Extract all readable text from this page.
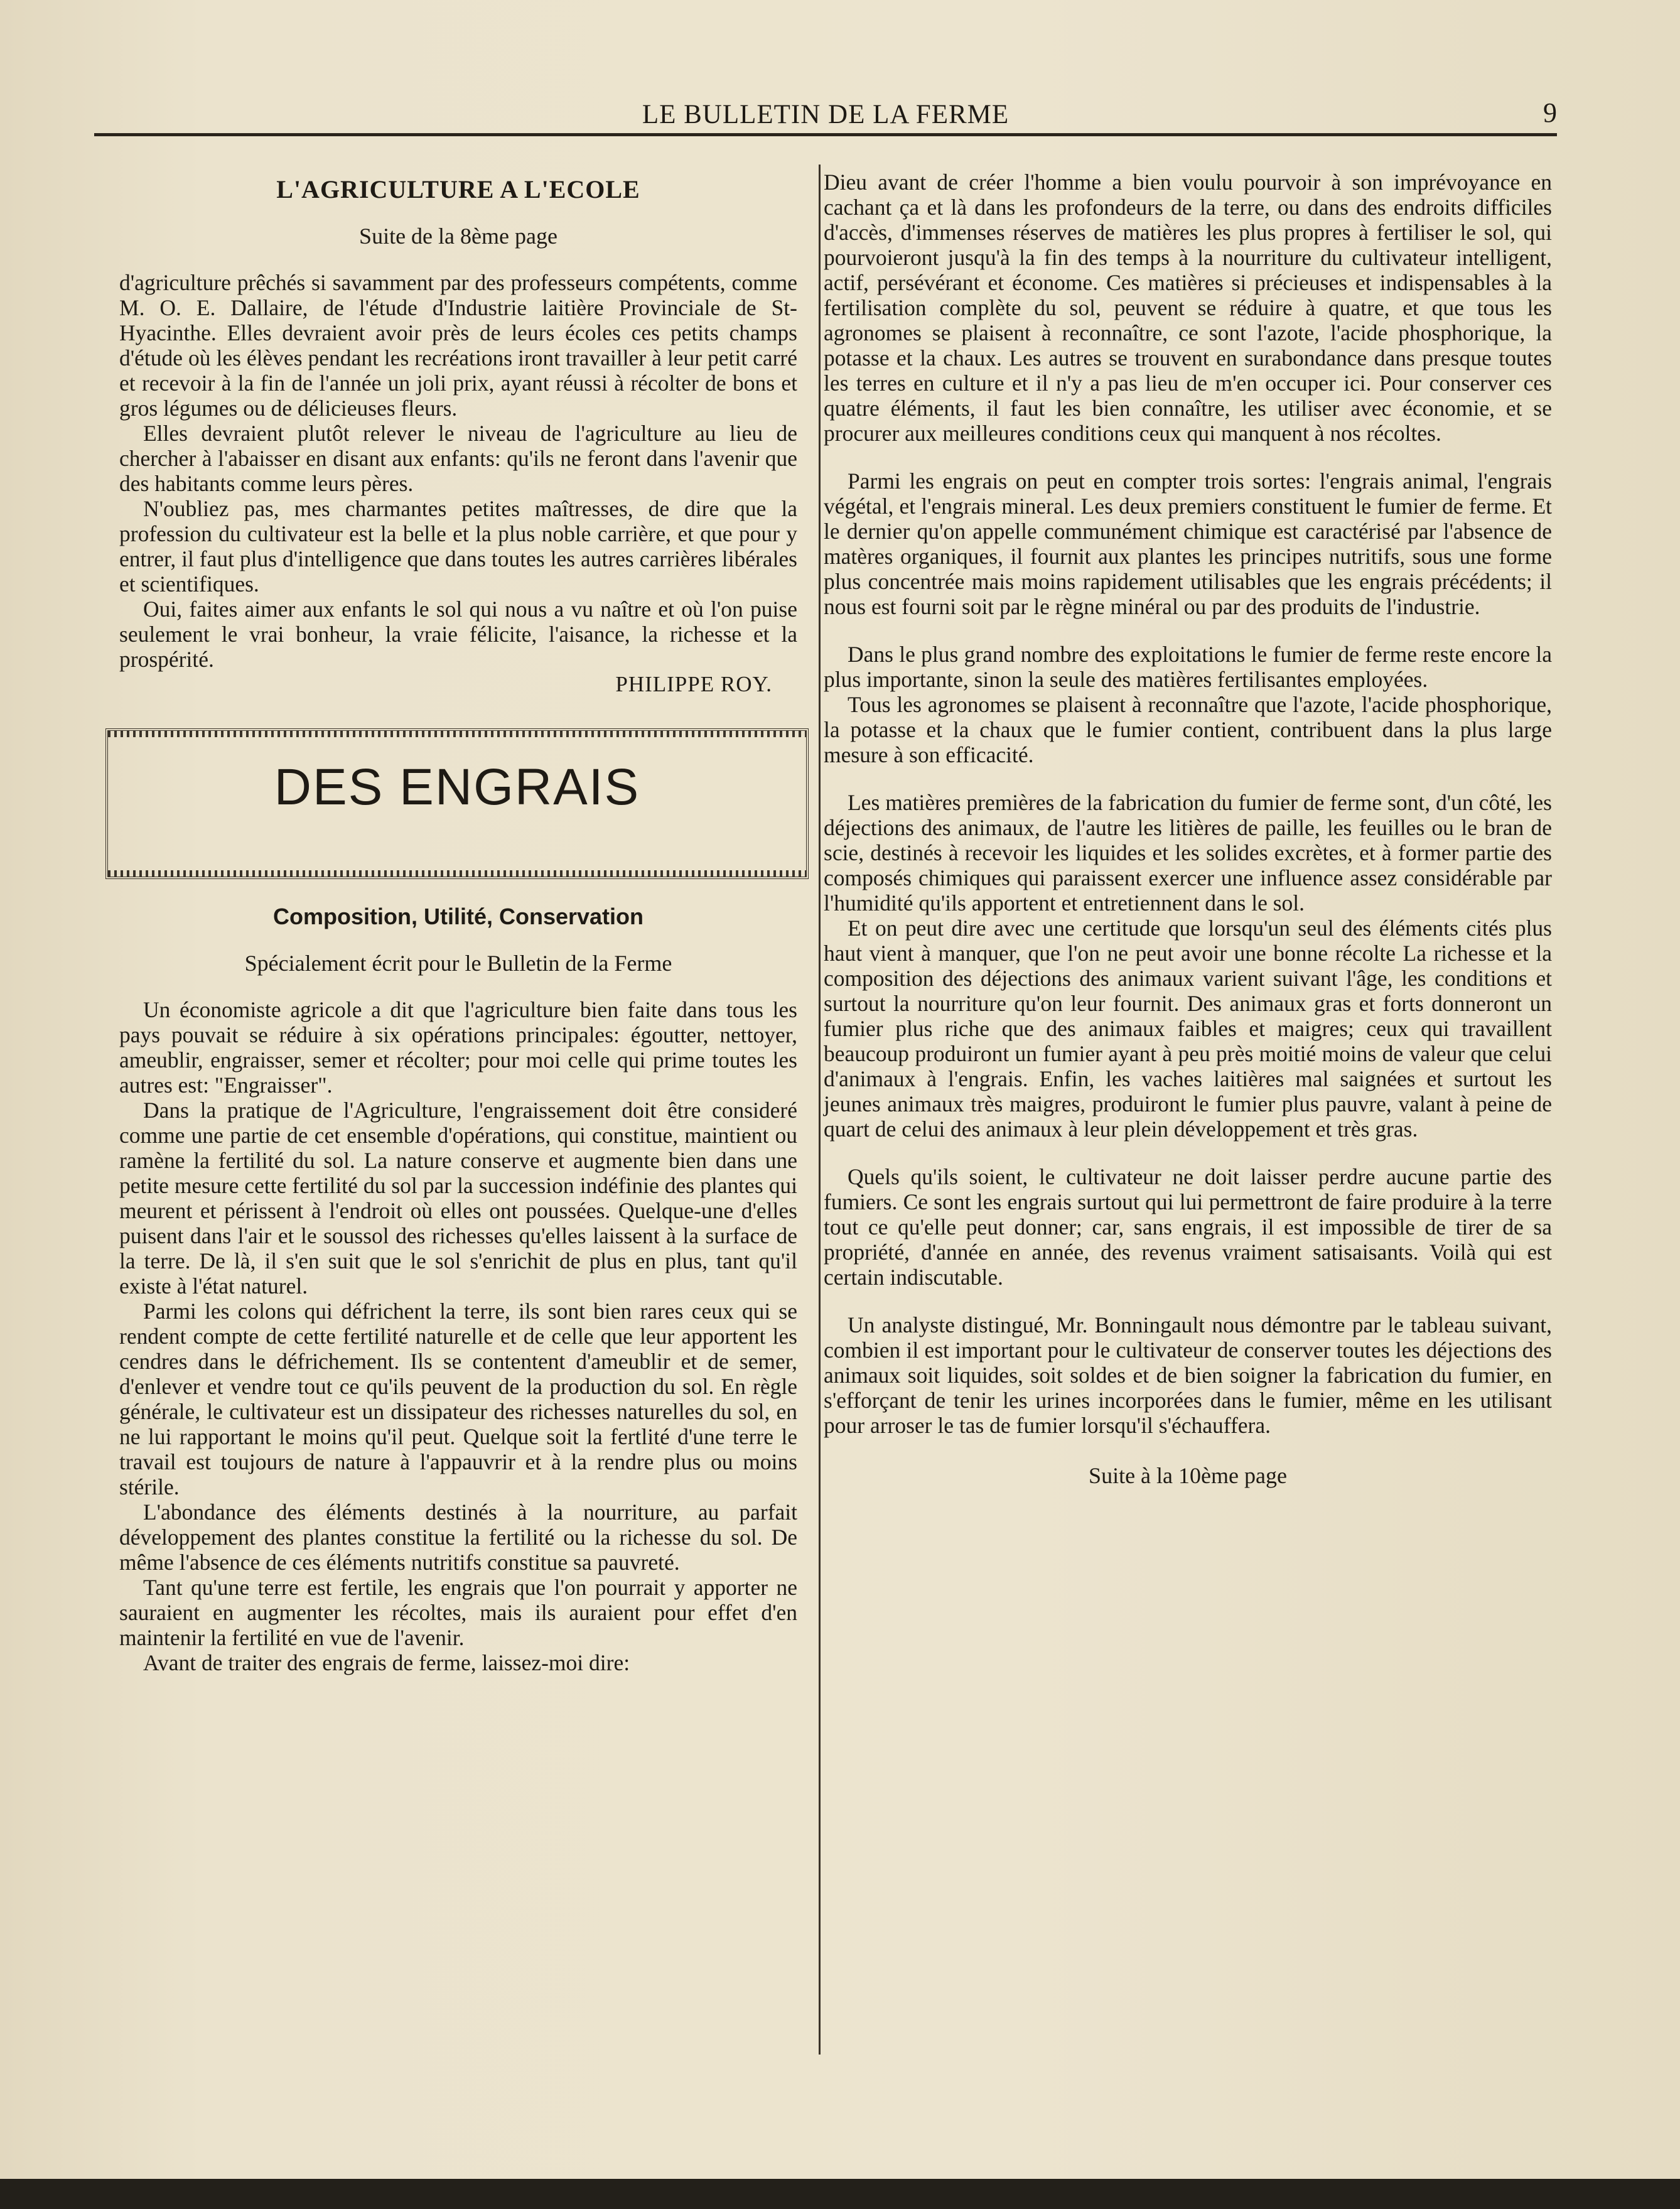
LE BULLETIN DE LA FERME	9
L'AGRICULTURE A L'ECOLE
Suite de la 8ème page

d'agriculture prêchés si savamment par des professeurs compétents, comme M. O. E. Dallaire, de l'étude d'Industrie laitière Provinciale de St-Hyacinthe. Elles devraient avoir près de leurs écoles ces petits champs d'étude où les élèves pendant les recréations iront travailler à leur petit carré et recevoir à la fin de l'année un joli prix, ayant réussi à récolter de bons et gros légumes ou de délicieuses fleurs.

Elles devraient plutôt relever le niveau de l'agriculture au lieu de chercher à l'abaisser en disant aux enfants: qu'ils ne feront dans l'avenir que des habitants comme leurs pères.

N'oubliez pas, mes charmantes petites maîtresses, de dire que la profession du cultivateur est la belle et la plus noble carrière, et que pour y entrer, il faut plus d'intelligence que dans toutes les autres carrières libérales et scientifiques.

Oui, faites aimer aux enfants le sol qui nous a vu naître et où l'on puise seulement le vrai bonheur, la vraie félicite, l'aisance, la richesse et la prospérité.

PHILIPPE ROY.
DES ENGRAIS
Composition, Utilité, Conservation
Spécialement écrit pour le Bulletin de la Ferme

Un économiste agricole a dit que l'agriculture bien faite dans tous les pays pouvait se réduire à six opérations principales: égoutter, nettoyer, ameublir, engraisser, semer et récolter; pour moi celle qui prime toutes les autres est: "Engraisser".

Dans la pratique de l'Agriculture, l'engraissement doit être consideré comme une partie de cet ensemble d'opérations, qui constitue, maintient ou ramène la fertilité du sol. La nature conserve et augmente bien dans une petite mesure cette fertilité du sol par la succession indéfinie des plantes qui meurent et périssent à l'endroit où elles ont poussées. Quelque-une d'elles puisent dans l'air et le soussol des richesses qu'elles laissent à la surface de la terre. De là, il s'en suit que le sol s'enrichit de plus en plus, tant qu'il existe à l'état naturel.

Parmi les colons qui défrichent la terre, ils sont bien rares ceux qui se rendent compte de cette fertilité naturelle et de celle que leur apportent les cendres dans le défrichement. Ils se contentent d'ameublir et de semer, d'enlever et vendre tout ce qu'ils peuvent de la production du sol. En règle générale, le cultivateur est un dissipateur des richesses naturelles du sol, en ne lui rapportant le moins qu'il peut. Quelque soit la fertlité d'une terre le travail est toujours de nature à l'appauvrir et à la rendre plus ou moins stérile.

L'abondance des éléments destinés à la nourriture, au parfait développement des plantes constitue la fertilité ou la richesse du sol. De même l'absence de ces éléments nutritifs constitue sa pauvreté.

Tant qu'une terre est fertile, les engrais que l'on pourrait y apporter ne sauraient en augmenter les récoltes, mais ils auraient pour effet d'en maintenir la fertilité en vue de l'avenir.

Avant de traiter des engrais de ferme, laissez-moi dire:

Dieu avant de créer l'homme a bien voulu pourvoir à son imprévoyance en cachant ça et là dans les profondeurs de la terre, ou dans des endroits difficiles d'accès, d'immenses réserves de matières les plus propres à fertiliser le sol, qui pourvoieront jusqu'à la fin des temps à la nourriture du cultivateur intelligent, actif, persévérant et économe. Ces matières si précieuses et indispensables à la fertilisation complète du sol, peuvent se réduire à quatre, et que tous les agronomes se plaisent à reconnaître, ce sont l'azote, l'acide phosphorique, la potasse et la chaux. Les autres se trouvent en surabondance dans presque toutes les terres en culture et il n'y a pas lieu de m'en occuper ici. Pour conserver ces quatre éléments, il faut les bien connaître, les utiliser avec économie, et se procurer aux meilleures conditions ceux qui manquent à nos récoltes.

Parmi les engrais on peut en compter trois sortes: l'engrais animal, l'engrais végétal, et l'engrais mineral. Les deux premiers constituent le fumier de ferme. Et le dernier qu'on appelle communément chimique est caractérisé par l'absence de matères organiques, il fournit aux plantes les principes nutritifs, sous une forme plus concentrée mais moins rapidement utilisables que les engrais précédents; il nous est fourni soit par le règne minéral ou par des produits de l'industrie.

Dans le plus grand nombre des exploitations le fumier de ferme reste encore la plus importante, sinon la seule des matières fertilisantes employées.

Tous les agronomes se plaisent à reconnaître que l'azote, l'acide phosphorique, la potasse et la chaux que le fumier contient, contribuent dans la plus large mesure à son efficacité.

Les matières premières de la fabrication du fumier de ferme sont, d'un côté, les déjections des animaux, de l'autre les litières de paille, les feuilles ou le bran de scie, destinés à recevoir les liquides et les solides excrètes, et à former partie des composés chimiques qui paraissent exercer une influence assez considérable par l'humidité qu'ils apportent et entretiennent dans le sol.

Et on peut dire avec une certitude que lorsqu'un seul des éléments cités plus haut vient à manquer, que l'on ne peut avoir une bonne récolte La richesse et la composition des déjections des animaux varient suivant l'âge, les conditions et surtout la nourriture qu'on leur fournit. Des animaux gras et forts donneront un fumier plus riche que des animaux faibles et maigres; ceux qui travaillent beaucoup produiront un fumier ayant à peu près moitié moins de valeur que celui d'animaux à l'engrais. Enfin, les vaches laitières mal saignées et surtout les jeunes animaux très maigres, produiront le fumier plus pauvre, valant à peine de quart de celui des animaux à leur plein développement et très gras.

Quels qu'ils soient, le cultivateur ne doit laisser perdre aucune partie des fumiers. Ce sont les engrais surtout qui lui permettront de faire produire à la terre tout ce qu'elle peut donner; car, sans engrais, il est impossible de tirer de sa propriété, d'année en année, des revenus vraiment satisaisants. Voilà qui est certain indiscutable.

Un analyste distingué, Mr. Bonningault nous démontre par le tableau suivant, combien il est important pour le cultivateur de conserver toutes les déjections des animaux soit liquides, soit soldes et de bien soigner la fabrication du fumier, en s'efforçant de tenir les urines incorporées dans le fumier, même en les utilisant pour arroser le tas de fumier lorsqu'il s'échauffera.

Suite à la 10ème page
